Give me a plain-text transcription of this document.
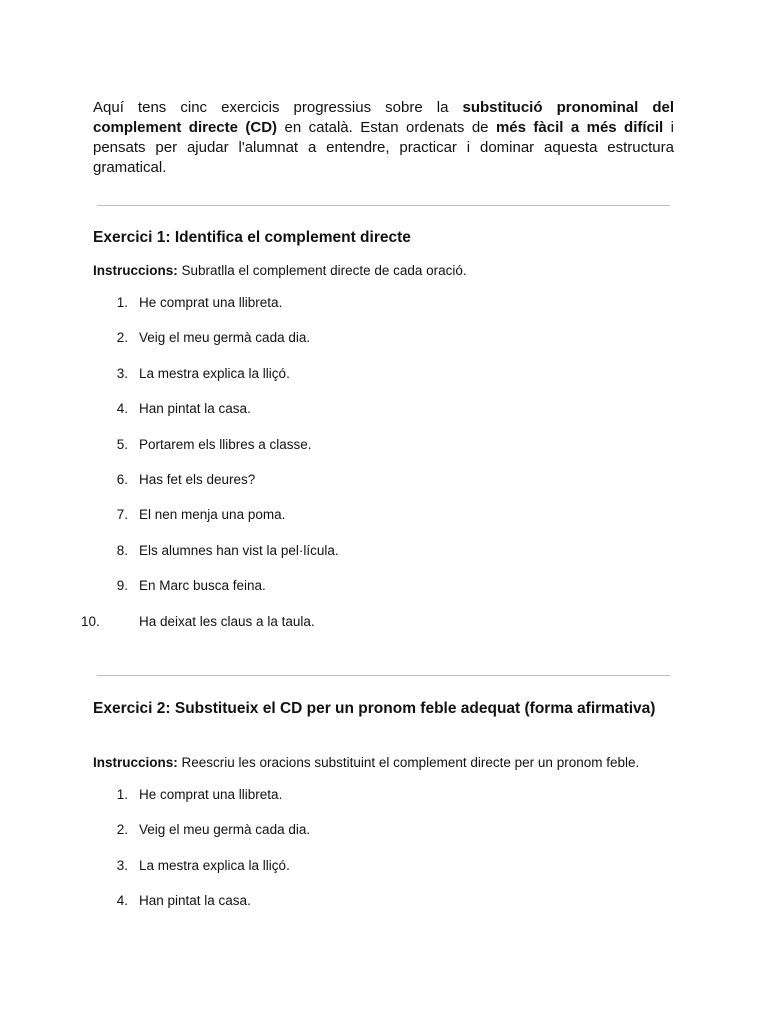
Aquí tens cinc exercicis progressius sobre la substitució pronominal del complement directe (CD) en català. Estan ordenats de més fàcil a més difícil i pensats per ajudar l'alumnat a entendre, practicar i dominar aquesta estructura gramatical.

Exercici 1: Identifica el complement directe

Instruccions: Subratlla el complement directe de cada oració.

1. He comprat una llibreta.
2. Veig el meu germà cada dia.
3. La mestra explica la lliçó.
4. Han pintat la casa.
5. Portarem els llibres a classe.
6. Has fet els deures?
7. El nen menja una poma.
8. Els alumnes han vist la pel·lícula.
9. En Marc busca feina.
10.	Ha deixat les claus a la taula.
Exercici 2: Substitueix el CD per un pronom feble adequat (forma afirmativa)

Instruccions: Reescriu les oracions substituint el complement directe per un pronom feble.

1. He comprat una llibreta.
2. Veig el meu germà cada dia.
3. La mestra explica la lliçó.
4. Han pintat la casa.
